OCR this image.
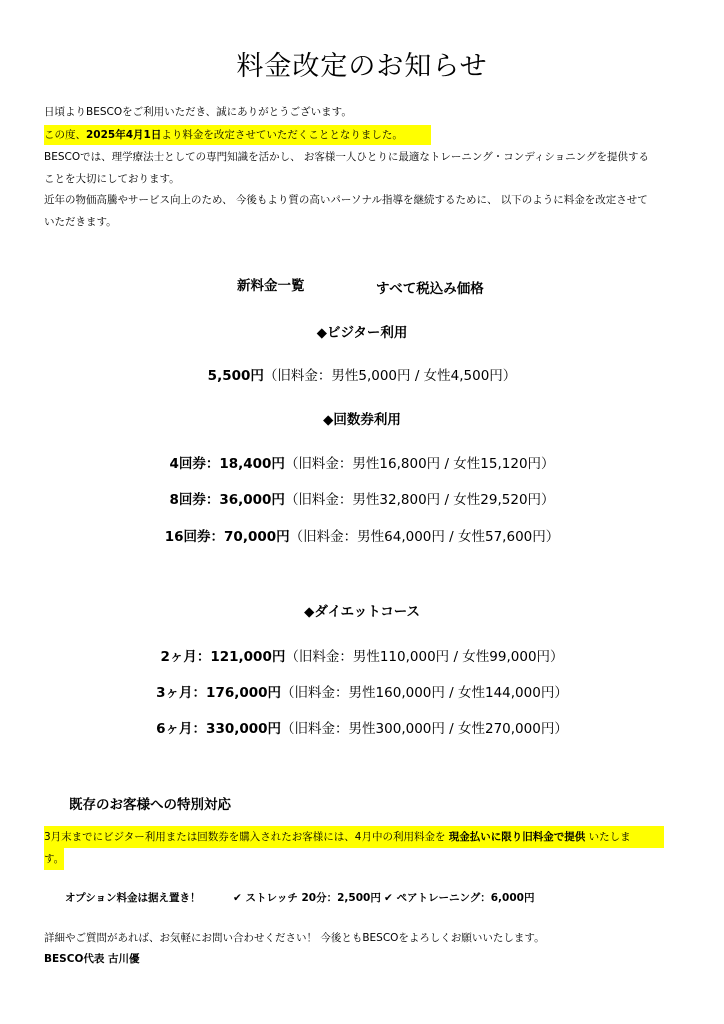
料金改定のお知らせ
日頃よりBESCOをご利用いただき、誠にありがとうございます。
この度、2025年4月1日より料金を改定させていただくこととなりました。
BESCOでは、理学療法士としての専門知識を活かし、 お客様一人ひとりに最適なトレーニング・コンディショニングを提供する
ことを大切にしております。
近年の物価高騰やサービス向上のため、 今後もより質の高いパーソナル指導を継続するために、 以下のように料金を改定させて
いただきます。
新料金一覧	すべて税込み価格
◆ビジター利用
5,500円（旧料金：男性5,000円 / 女性4,500円）
◆回数券利用
4回券：18,400円（旧料金：男性16,800円 / 女性15,120円）
8回券：36,000円（旧料金：男性32,800円 / 女性29,520円）
16回券：70,000円（旧料金：男性64,000円 / 女性57,600円）
◆ダイエットコース
2ヶ月：121,000円（旧料金：男性110,000円 / 女性99,000円）
3ヶ月：176,000円（旧料金：男性160,000円 / 女性144,000円）
6ヶ月：330,000円（旧料金：男性300,000円 / 女性270,000円）
既存のお客様への特別対応
3月末までにビジター利用または回数券を購入されたお客様には、4月中の利用料金を 現金払いに限り旧料金で提供 いたしま
す。
オプション料金は据え置き！	✔ ストレッチ 20分：2,500円 ✔ ペアトレーニング：6,000円
詳細やご質問があれば、お気軽にお問い合わせください！ 今後ともBESCOをよろしくお願いいたします。
BESCO代表 古川優
